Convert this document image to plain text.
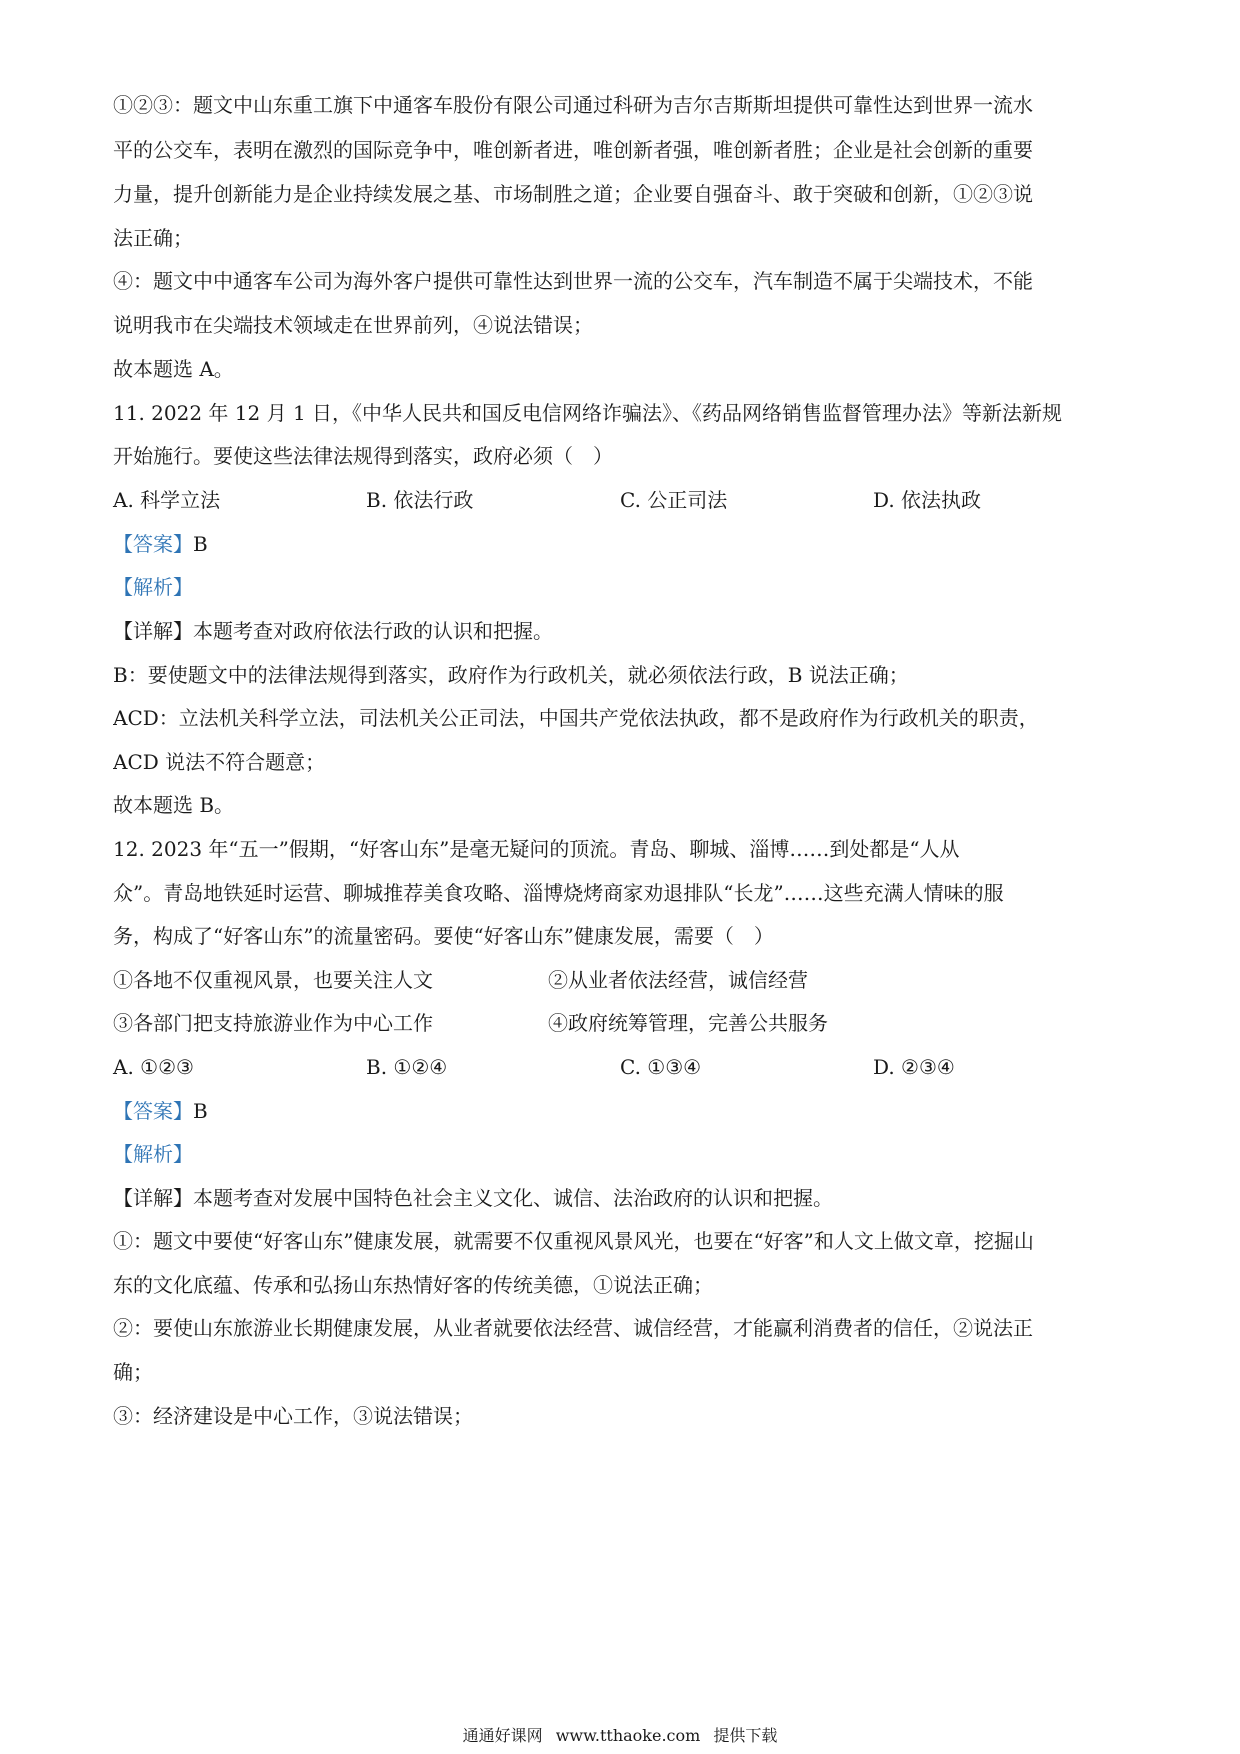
①②③：题文中山东重工旗下中通客车股份有限公司通过科研为吉尔吉斯斯坦提供可靠性达到世界一流水
平的公交车，表明在激烈的国际竞争中，唯创新者进，唯创新者强，唯创新者胜；企业是社会创新的重要
力量，提升创新能力是企业持续发展之基、市场制胜之道；企业要自强奋斗、敢于突破和创新，①②③说
法正确；
④：题文中中通客车公司为海外客户提供可靠性达到世界一流的公交车，汽车制造不属于尖端技术，不能
说明我市在尖端技术领域走在世界前列，④说法错误；
故本题选 A。
11. 2022 年 12 月 1 日，《中华人民共和国反电信网络诈骗法》、《药品网络销售监督管理办法》等新法新规
开始施行。要使这些法律法规得到落实，政府必须（　）
A. 科学立法	B. 依法行政	C. 公正司法	D. 依法执政
【答案】B
【解析】
【详解】本题考查对政府依法行政的认识和把握。
B：要使题文中的法律法规得到落实，政府作为行政机关，就必须依法行政，B 说法正确；
ACD：立法机关科学立法，司法机关公正司法，中国共产党依法执政，都不是政府作为行政机关的职责，
ACD 说法不符合题意；
故本题选 B。
12. 2023 年“五一”假期，“好客山东”是毫无疑问的顶流。青岛、聊城、淄博……到处都是“人从
众”。青岛地铁延时运营、聊城推荐美食攻略、淄博烧烤商家劝退排队“长龙”……这些充满人情味的服
务，构成了“好客山东”的流量密码。要使“好客山东”健康发展，需要（　）
①各地不仅重视风景，也要关注人文	②从业者依法经营，诚信经营
③各部门把支持旅游业作为中心工作	④政府统筹管理，完善公共服务
A. ①②③	B. ①②④	C. ①③④	D. ②③④
【答案】B
【解析】
【详解】本题考查对发展中国特色社会主义文化、诚信、法治政府的认识和把握。
①：题文中要使“好客山东”健康发展，就需要不仅重视风景风光，也要在“好客”和人文上做文章，挖掘山
东的文化底蕴、传承和弘扬山东热情好客的传统美德，①说法正确；
②：要使山东旅游业长期健康发展，从业者就要依法经营、诚信经营，才能赢利消费者的信任，②说法正
确；
③：经济建设是中心工作，③说法错误；
通通好课网 www.tthaoke.com 提供下载
